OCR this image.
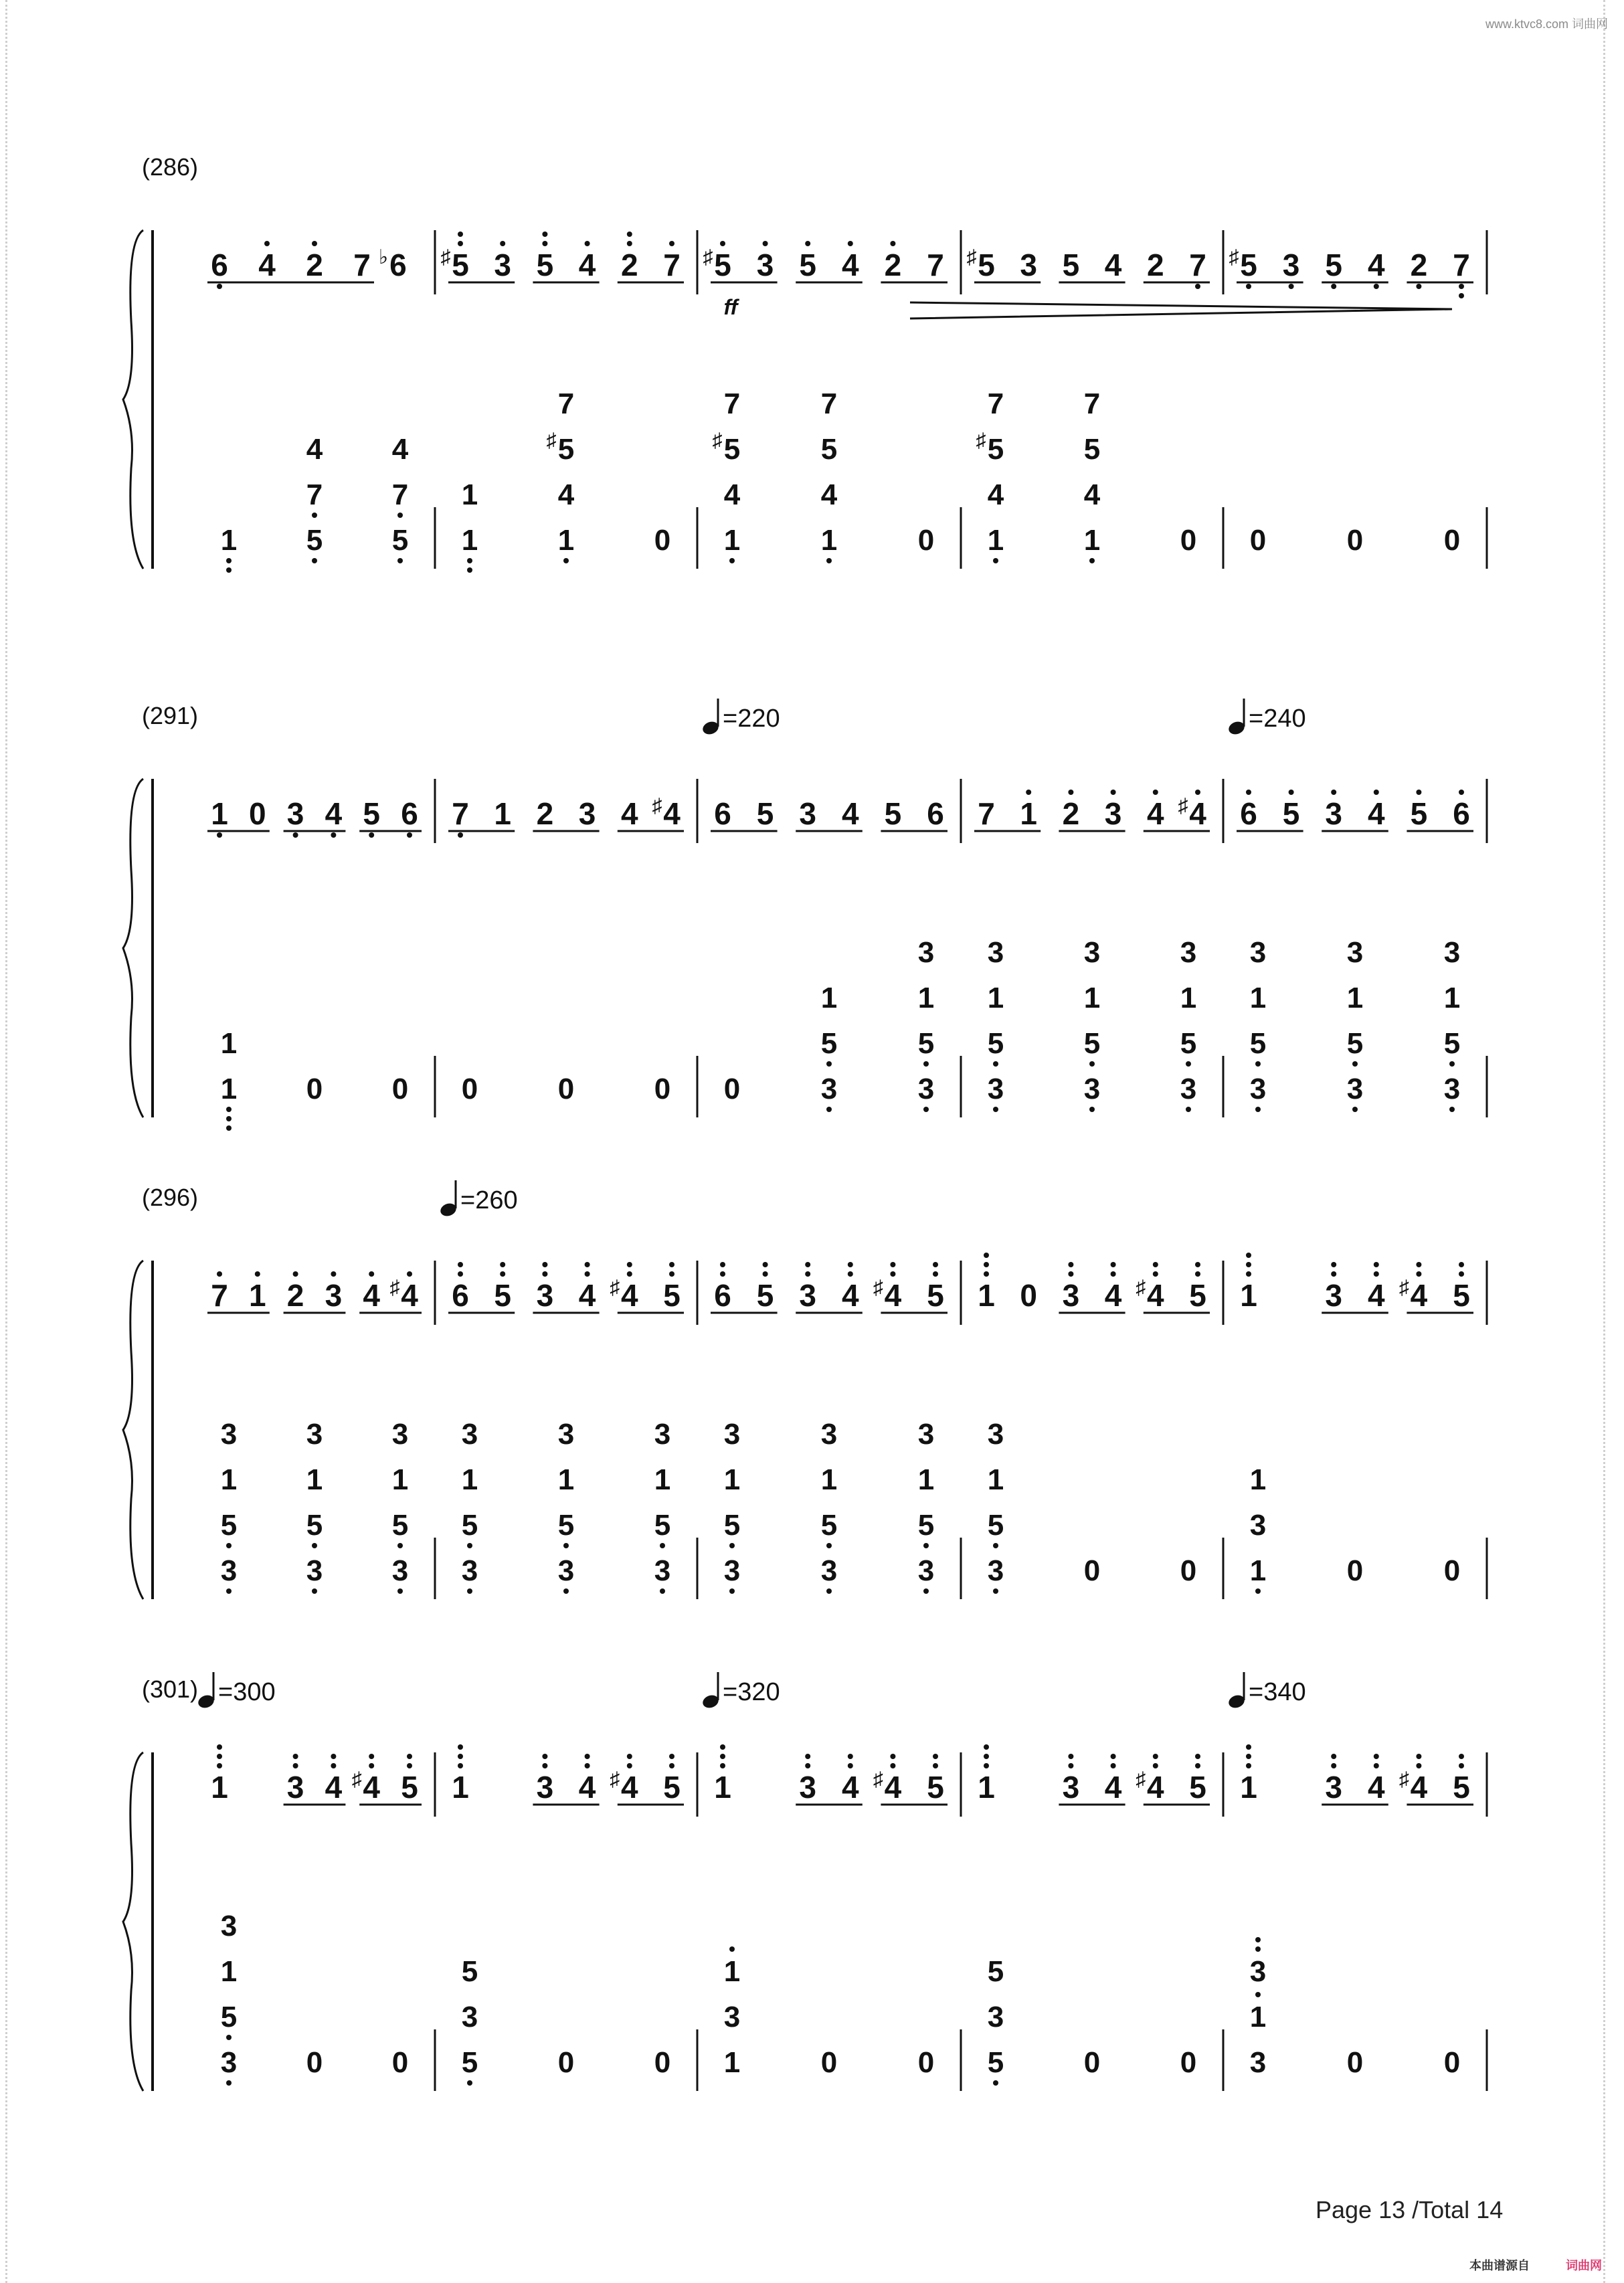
www.ktvc8.com 词曲网
(286)
6 4 2 7 6
♭ 5
♯ 3 5 4 2 7 5
♯ 3 5 4 2 7 5
♯ 3 5 4 2 7 5
♯ 3 5 4 2 7
1 5
7
4
5
7
4
1
1
1
4
5
♯
7
0 1
4
5
♯
7
1
4
5
7
0 1
4
5
♯
7
1
4
5
7
0 0	0	0
ff
(291)	=220	=240
1 0 3 4 5 6 7 1 2 3 4 4
♯ 6 5 3 4 5 6 7 1 2 3 4 4
♯ 6 5 3 4 5 6
1
1
0 0 0	0	0 0	3
5
1
3
5
1
3
3
5
1
3
3
5
1
3
3
5
1
3
3
5
1
3
3
5
1
3
3
5
1
3
(296)	=260
7 1 2 3 4 4
♯ 6 5 3 4 4
♯ 5 6 5 3 4 4
♯ 5 1 0 3 4 4
♯ 5 1 3 4 4
♯ 5
3
5
1
3
3
5
1
3
3
5
1
3
3
5
1
3
3
5
1
3
3
5
1
3
3
5
1
3
3
5
1
3
3
5
1
3
3
5
1
3
0	0 1
3
1
0	0
(301) =300	=320	=340
1 3 4 4
♯ 5 1 3 4 4
♯ 5 1 3 4 4
♯ 5 1 3 4 4
♯ 5 1 3 4 4
♯ 5
3
5
1
3
0 0 5
3
5
0	0 1
3
1
0	0 5
3
5
0	0 3
1
3
0	0
Page 13 /Total 14
本曲谱源自	词曲网
